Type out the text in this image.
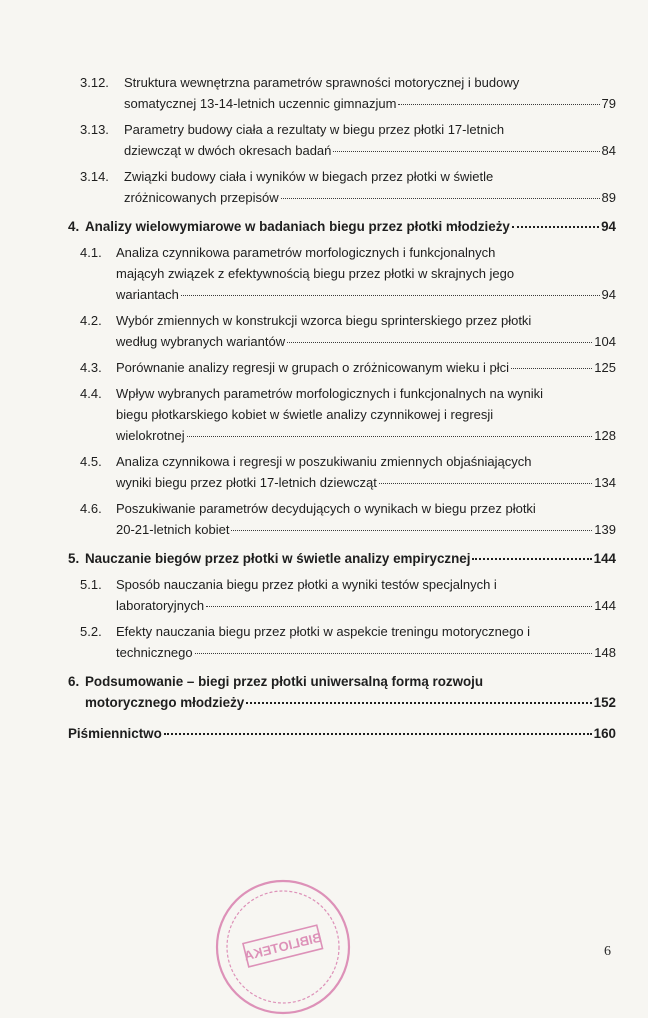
3.12.	Struktura wewnętrzna parametrów sprawności motorycznej i budowy
somatycznej 13-14-letnich uczennic gimnazjum	79
3.13.	Parametry budowy ciała a rezultaty w biegu przez płotki 17-letnich
dziewcząt w dwóch okresach badań	84
3.14.	Związki budowy ciała i wyników w biegach przez płotki w świetle
zróżnicowanych przepisów	89
4. Analizy wielowymiarowe w badaniach biegu przez płotki młodzieży	94
4.1.	Analiza czynnikowa parametrów morfologicznych i funkcjonalnych
mającyh związek z efektywnością biegu przez płotki w skrajnych jego
wariantach	94
4.2.	Wybór zmiennych w konstrukcji wzorca biegu sprinterskiego przez płotki
według wybranych wariantów	104
4.3.	Porównanie analizy regresji w grupach o zróżnicowanym wieku i płci	125
4.4.	Wpływ wybranych parametrów morfologicznych i funkcjonalnych na wyniki
biegu płotkarskiego kobiet w świetle analizy czynnikowej i regresji
wielokrotnej	128
4.5.	Analiza czynnikowa i regresji w poszukiwaniu zmiennych objaśniających
wyniki biegu przez płotki 17-letnich dziewcząt	134
4.6.	Poszukiwanie parametrów decydujących o wynikach w biegu przez płotki
20-21-letnich kobiet	139
5. Nauczanie biegów przez płotki w świetle analizy empirycznej	144
5.1.	Sposób nauczania biegu przez płotki a wyniki testów specjalnych i
laboratoryjnych	144
5.2.	Efekty nauczania biegu przez płotki w aspekcie treningu motorycznego i
technicznego	148
6. Podsumowanie – biegi przez płotki uniwersalną formą rozwoju
motorycznego młodzieży	152
Piśmiennictwo	160
6
BIBLIOTEKA
